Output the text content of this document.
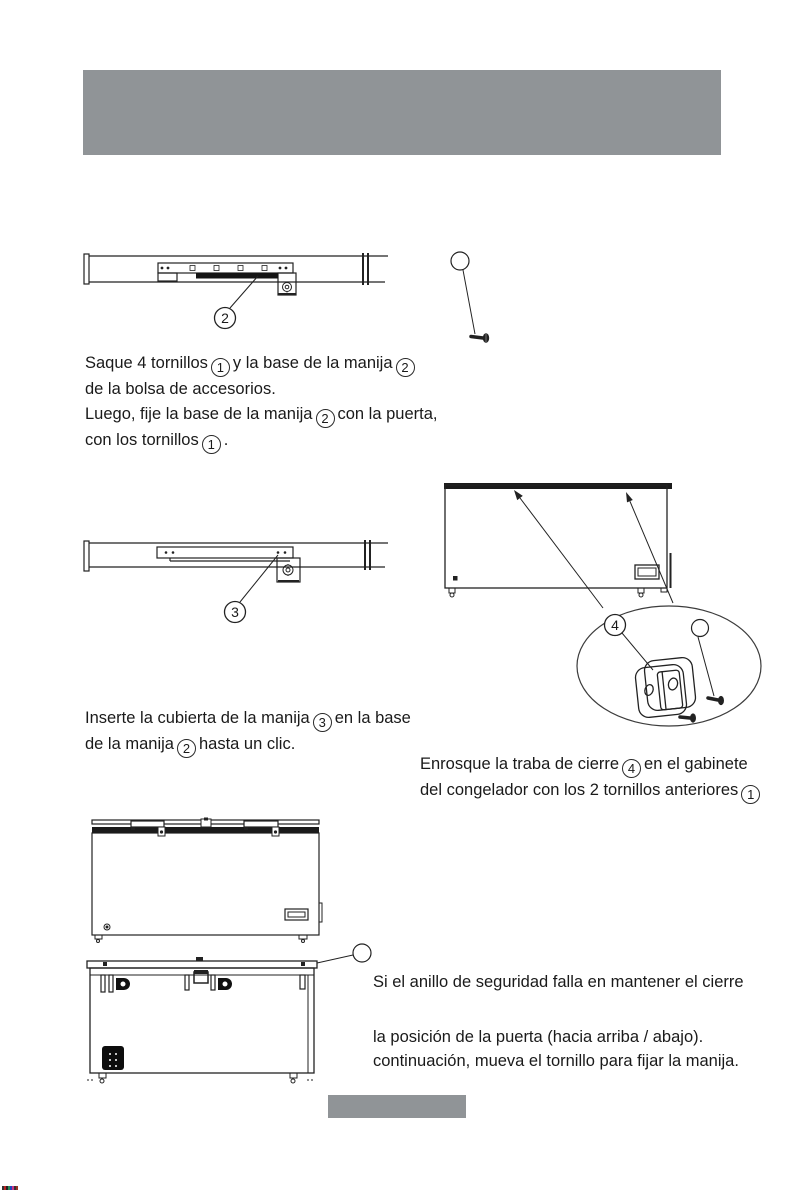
2
Saque 4 tornillos 1 y la base de la manija 2
de la bolsa de accesorios.
Luego, fije la base de la manija 2 con la puerta,
con los tornillos 1 .
3
4
Inserte la cubierta de la manija 3 en la base
de la manija 2 hasta un clic.
Enrosque la traba de cierre 4 en el gabinete
del congelador con los 2 tornillos anteriores 1
Si el anillo de seguridad falla en mantener el cierre
la posición de la puerta (hacia arriba / abajo).
continuación, mueva el tornillo para fijar la manija.
